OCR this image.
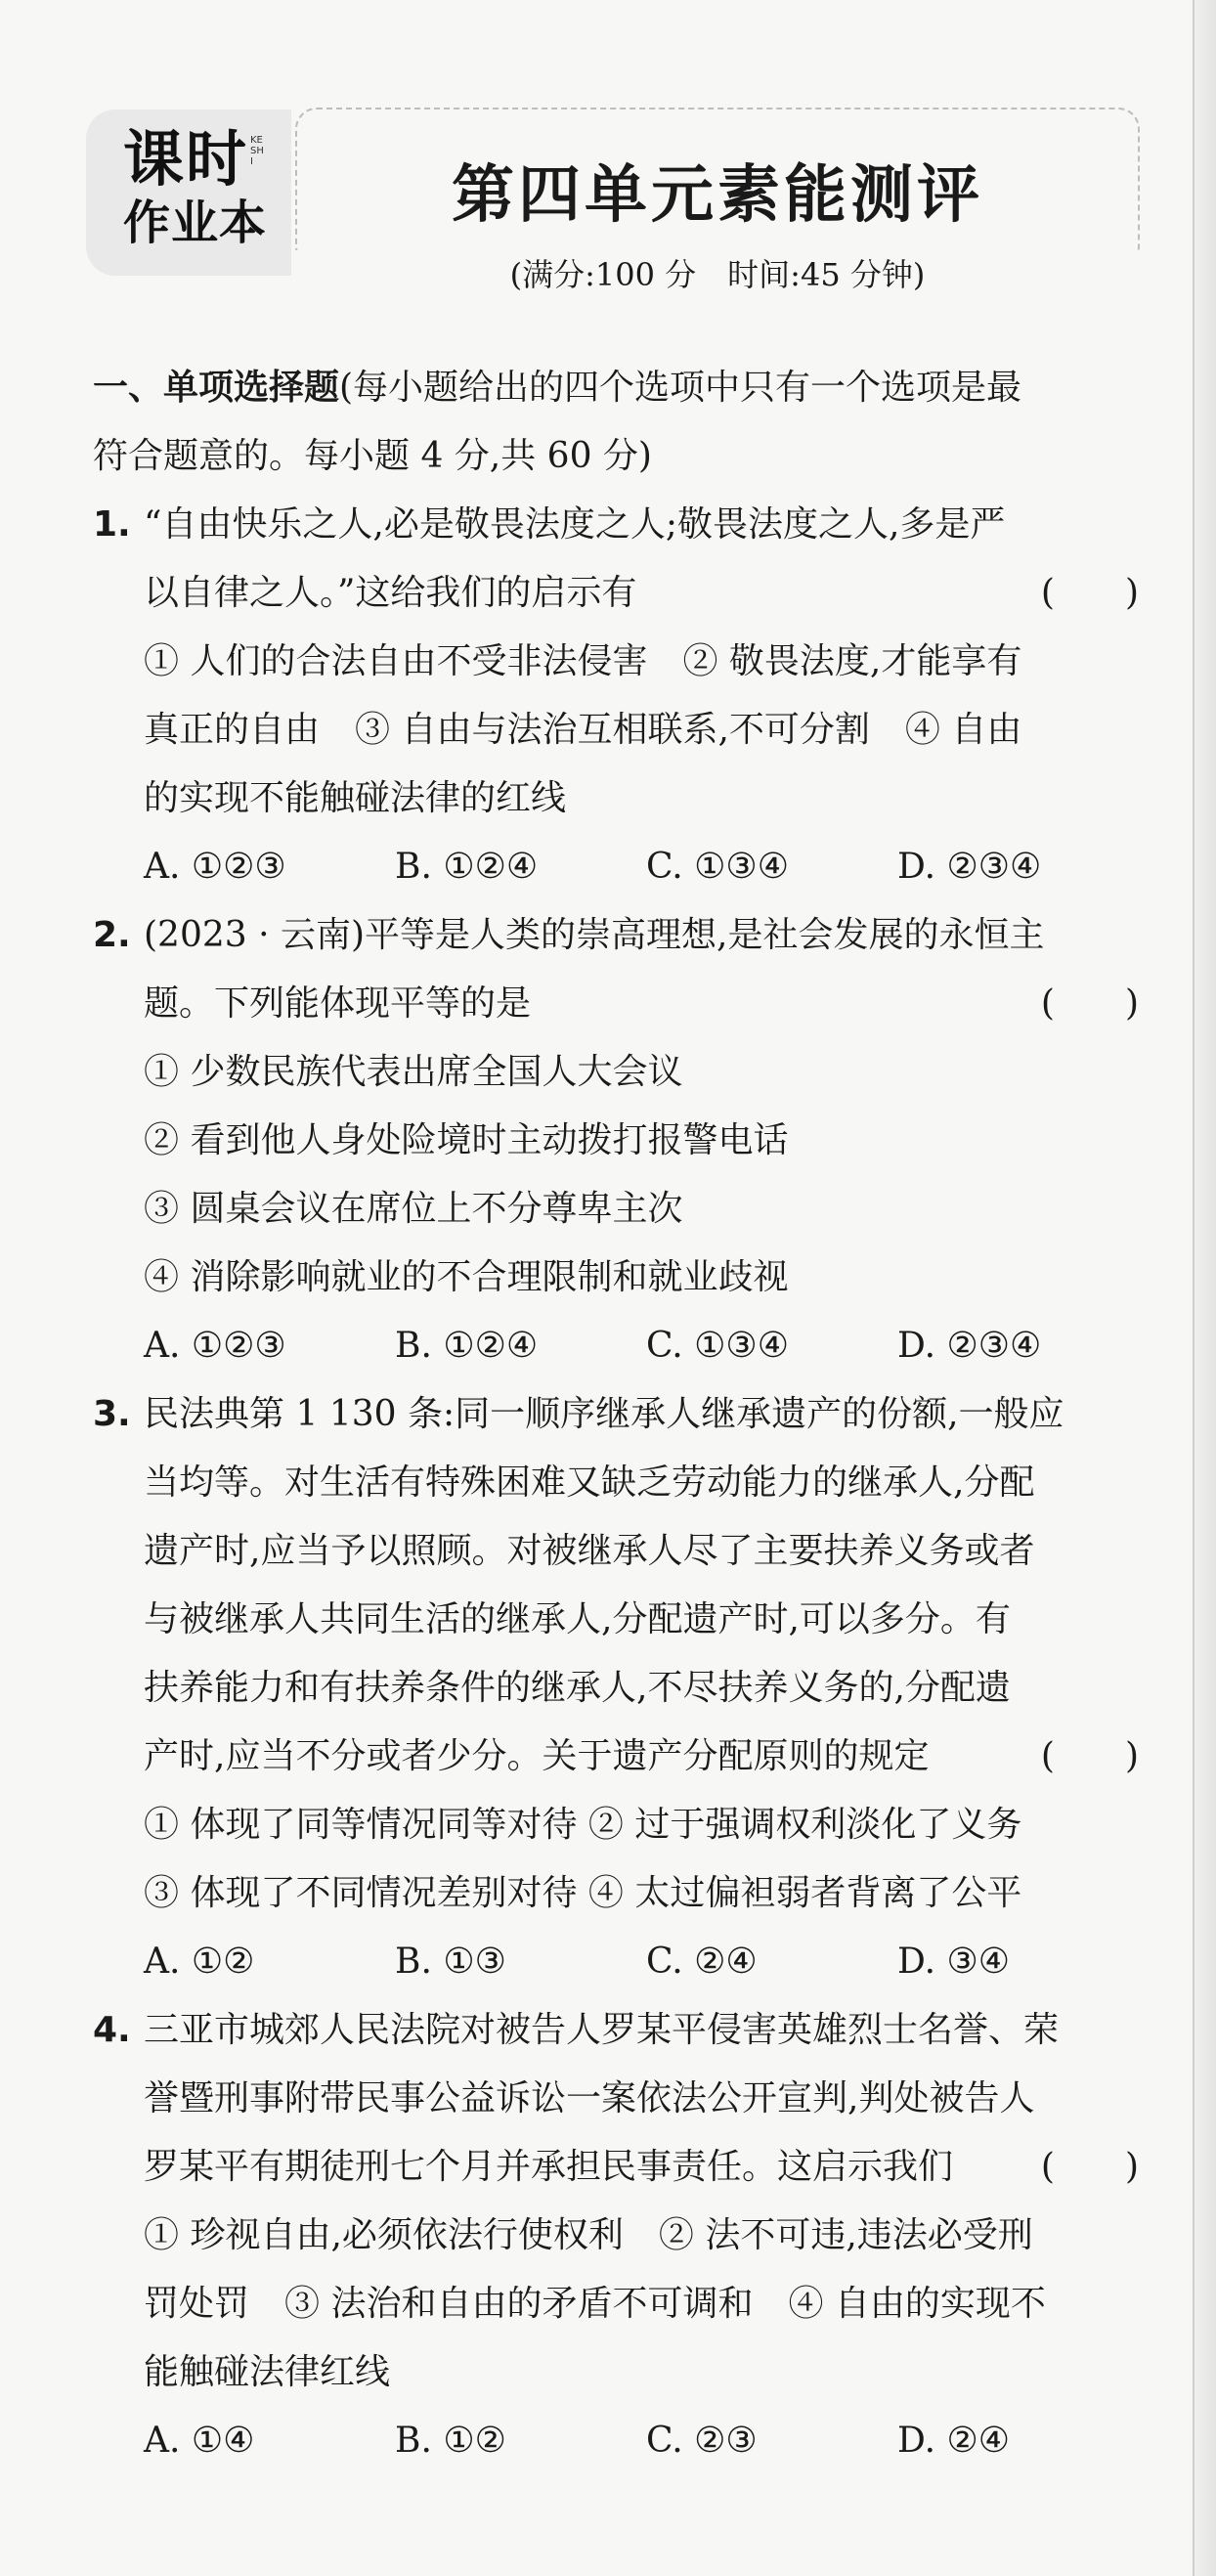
课时 KESHI
作业本	第四单元素能测评
(满分:100 分　时间:45 分钟)
一、单项选择题(每小题给出的四个选项中只有一个选项是最
符合题意的。每小题 4 分,共 60 分)
1. “自由快乐之人,必是敬畏法度之人;敬畏法度之人,多是严
以自律之人。”这给我们的启示有	(　　)
① 人们的合法自由不受非法侵害　② 敬畏法度,才能享有
真正的自由　③ 自由与法治互相联系,不可分割　④ 自由
的实现不能触碰法律的红线
A. ①②③	B. ①②④	C. ①③④	D. ②③④
2. (2023 · 云南)平等是人类的崇高理想,是社会发展的永恒主
题。下列能体现平等的是	(　　)
① 少数民族代表出席全国人大会议
② 看到他人身处险境时主动拨打报警电话
③ 圆桌会议在席位上不分尊卑主次
④ 消除影响就业的不合理限制和就业歧视
A. ①②③	B. ①②④	C. ①③④	D. ②③④
3. 民法典第 1 130 条:同一顺序继承人继承遗产的份额,一般应
当均等。对生活有特殊困难又缺乏劳动能力的继承人,分配
遗产时,应当予以照顾。对被继承人尽了主要扶养义务或者
与被继承人共同生活的继承人,分配遗产时,可以多分。有
扶养能力和有扶养条件的继承人,不尽扶养义务的,分配遗
产时,应当不分或者少分。关于遗产分配原则的规定	(　　)
① 体现了同等情况同等对待 ② 过于强调权利淡化了义务
③ 体现了不同情况差别对待 ④ 太过偏袒弱者背离了公平
A. ①②	B. ①③	C. ②④	D. ③④
4. 三亚市城郊人民法院对被告人罗某平侵害英雄烈士名誉、荣
誉暨刑事附带民事公益诉讼一案依法公开宣判,判处被告人
罗某平有期徒刑七个月并承担民事责任。这启示我们 (　　)
① 珍视自由,必须依法行使权利　② 法不可违,违法必受刑
罚处罚　③ 法治和自由的矛盾不可调和　④ 自由的实现不
能触碰法律红线
A. ①④	B. ①②	C. ②③	D. ②④
